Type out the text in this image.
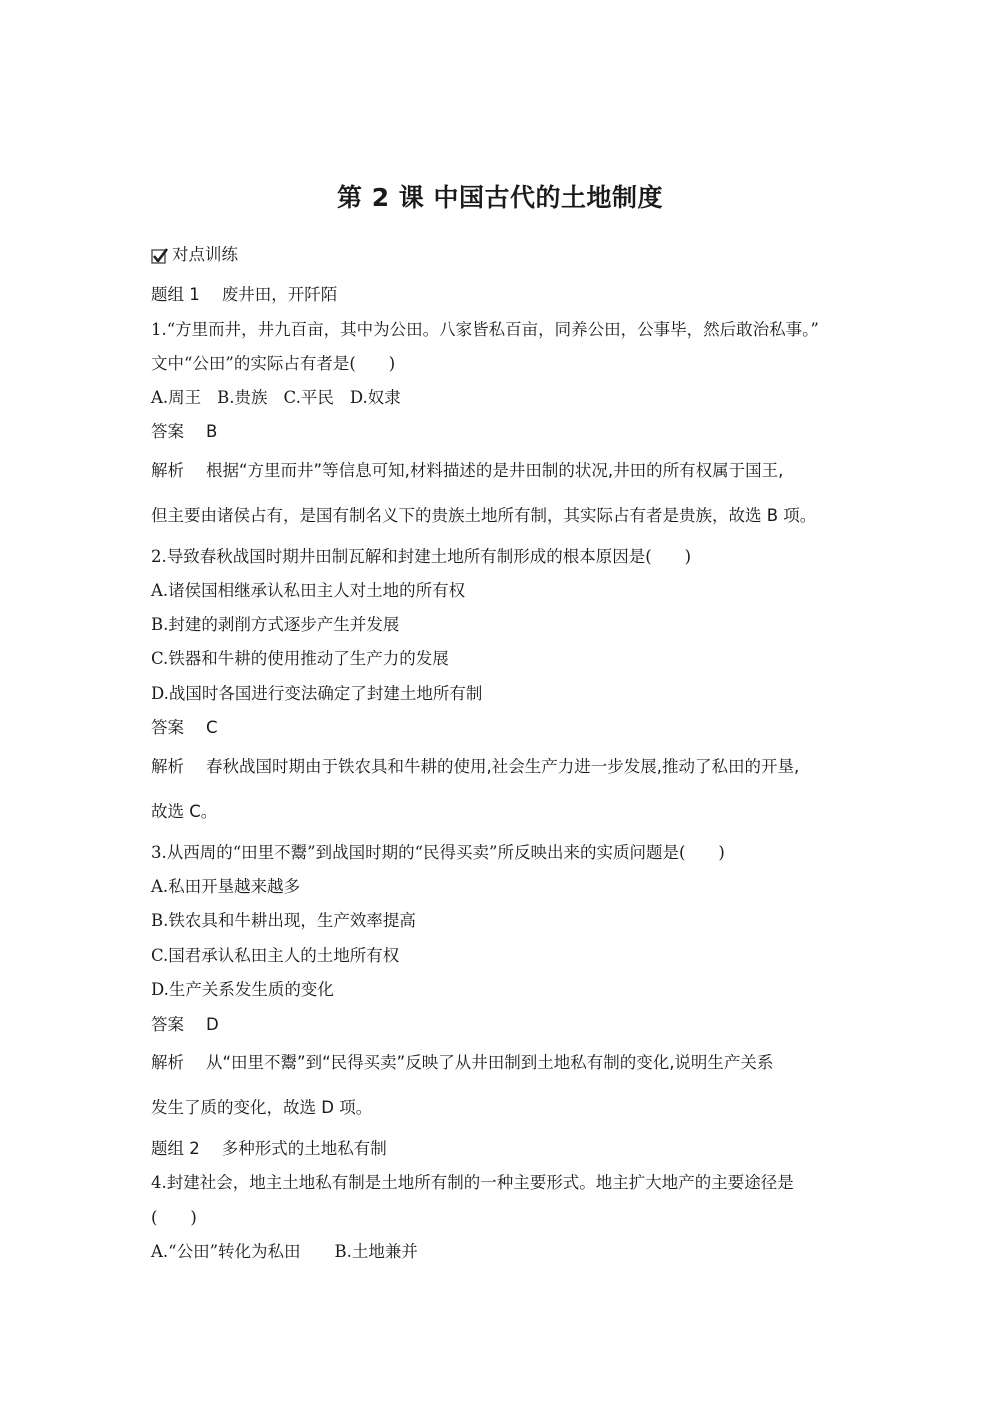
第 2 课 中国古代的土地制度
对点训练
题组 1 废井田，开阡陌
1.“方里而井，井九百亩，其中为公田。八家皆私百亩，同养公田，公事毕，然后敢治私事。”
文中“公田”的实际占有者是(　　)
A.周王 B.贵族 C.平民 D.奴隶
答案 B
解析 根据“方里而井”等信息可知,材料描述的是井田制的状况,井田的所有权属于国王,
但主要由诸侯占有，是国有制名义下的贵族土地所有制，其实际占有者是贵族，故选 B 项。
2.导致春秋战国时期井田制瓦解和封建土地所有制形成的根本原因是(　　)
A.诸侯国相继承认私田主人对土地的所有权
B.封建的剥削方式逐步产生并发展
C.铁器和牛耕的使用推动了生产力的发展
D.战国时各国进行变法确定了封建土地所有制
答案 C
解析 春秋战国时期由于铁农具和牛耕的使用,社会生产力进一步发展,推动了私田的开垦,
故选 C。
3.从西周的“田里不鬻”到战国时期的“民得买卖”所反映出来的实质问题是(　　)
A.私田开垦越来越多
B.铁农具和牛耕出现，生产效率提高
C.国君承认私田主人的土地所有权
D.生产关系发生质的变化
答案 D
解析 从“田里不鬻”到“民得买卖”反映了从井田制到土地私有制的变化,说明生产关系
发生了质的变化，故选 D 项。
题组 2 多种形式的土地私有制
4.封建社会，地主土地私有制是土地所有制的一种主要形式。地主扩大地产的主要途径是
(　　)
A.“公田”转化为私田 B.土地兼并
